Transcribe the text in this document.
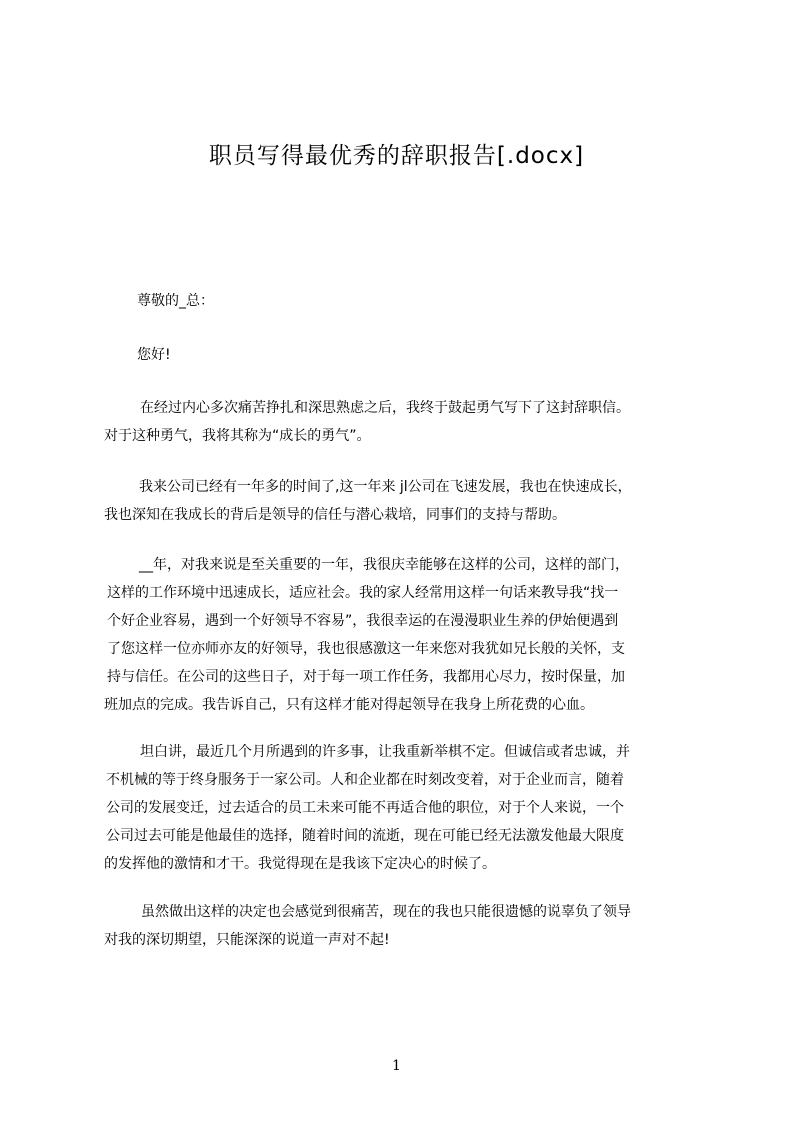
职员写得最优秀的辞职报告[.docx]
尊敬的_总：
您好!
在经过内心多次痛苦挣扎和深思熟虑之后，我终于鼓起勇气写下了这封辞职信。
对于这种勇气，我将其称为“成长的勇气”。
我来公司已经有一年多的时间了,这一年来 jl公司在飞速发展，我也在快速成长，
我也深知在我成长的背后是领导的信任与潜心栽培，同事们的支持与帮助。
__年，对我来说是至关重要的一年，我很庆幸能够在这样的公司，这样的部门，
这样的工作环境中迅速成长，适应社会。我的家人经常用这样一句话来教导我“找一
个好企业容易，遇到一个好领导不容易”，我很幸运的在漫漫职业生养的伊始便遇到
了您这样一位亦师亦友的好领导，我也很感激这一年来您对我犹如兄长般的关怀，支
持与信任。在公司的这些日子，对于每一项工作任务，我都用心尽力，按时保量，加
班加点的完成。我告诉自己，只有这样才能对得起领导在我身上所花费的心血。
坦白讲，最近几个月所遇到的许多事，让我重新举棋不定。但诚信或者忠诚，并
不机械的等于终身服务于一家公司。人和企业都在时刻改变着，对于企业而言，随着
公司的发展变迁，过去适合的员工未来可能不再适合他的职位，对于个人来说，一个
公司过去可能是他最佳的选择，随着时间的流逝，现在可能已经无法激发他最大限度
的发挥他的激情和才干。我觉得现在是我该下定决心的时候了。
虽然做出这样的决定也会感觉到很痛苦，现在的我也只能很遗憾的说辜负了领导
对我的深切期望，只能深深的说道一声对不起!
1
